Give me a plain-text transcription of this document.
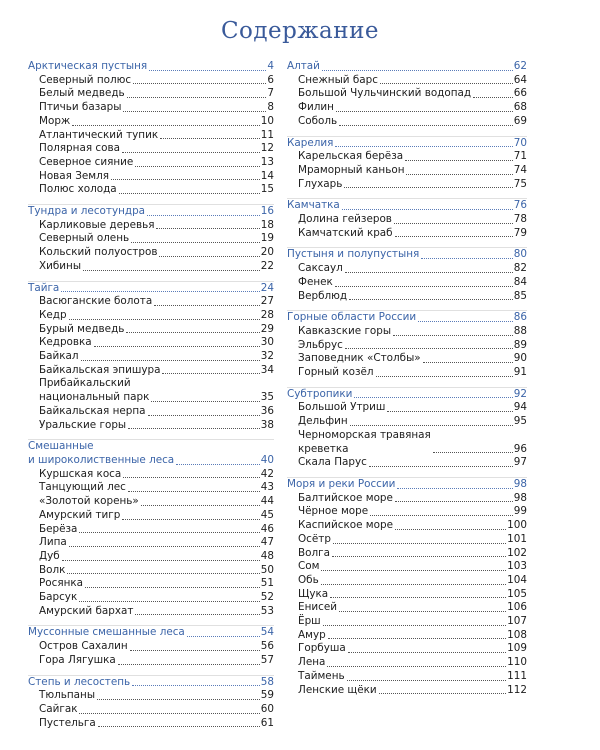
Содержание
Арктическая пустыня	4
Северный полюс	6
Белый медведь	7
Птичьи базары	8
Морж	10
Атлантический тупик	11
Полярная сова	12
Северное сияние	13
Новая Земля	14
Полюс холода	15
Тундра и лесотундра	16
Карликовые деревья	18
Северный олень	19
Кольский полуостров	20
Хибины	22
Тайга	24
Васюганские болота	27
Кедр	28
Бурый медведь	29
Кедровка	30
Байкал	32
Байкальская эпишура	34
Прибайкальский
национальный парк	35
Байкальская нерпа	36
Уральские горы	38
Смешанные
и широколиственные леса	40
Куршская коса	42
Танцующий лес	43
«Золотой корень»	44
Амурский тигр	45
Берёза	46
Липа	47
Дуб	48
Волк	50
Росянка	51
Барсук	52
Амурский бархат	53
Муссонные смешанные леса	54
Остров Сахалин	56
Гора Лягушка	57
Степь и лесостепь	58
Тюльпаны	59
Сайгак	60
Пустельга	61
Алтай	62
Снежный барс	64
Большой Чульчинский водопад	66
Филин	68
Соболь	69
Карелия	70
Карельская берёза	71
Мраморный каньон	74
Глухарь	75
Камчатка	76
Долина гейзеров	78
Камчатский краб	79
Пустыня и полупустыня	80
Саксаул	82
Фенек	84
Верблюд	85
Горные области России	86
Кавказские горы	88
Эльбрус	89
Заповедник «Столбы»	90
Горный козёл	91
Субтропики	92
Большой Утриш	94
Дельфин	95
Черноморская травяная
креветка	96
Скала Парус	97
Моря и реки России	98
Балтийское море	98
Чёрное море	99
Каспийское море	100
Осётр	101
Волга	102
Сом	103
Обь	104
Щука	105
Енисей	106
Ёрш	107
Амур	108
Горбуша	109
Лена	110
Таймень	111
Ленские щёки	112
